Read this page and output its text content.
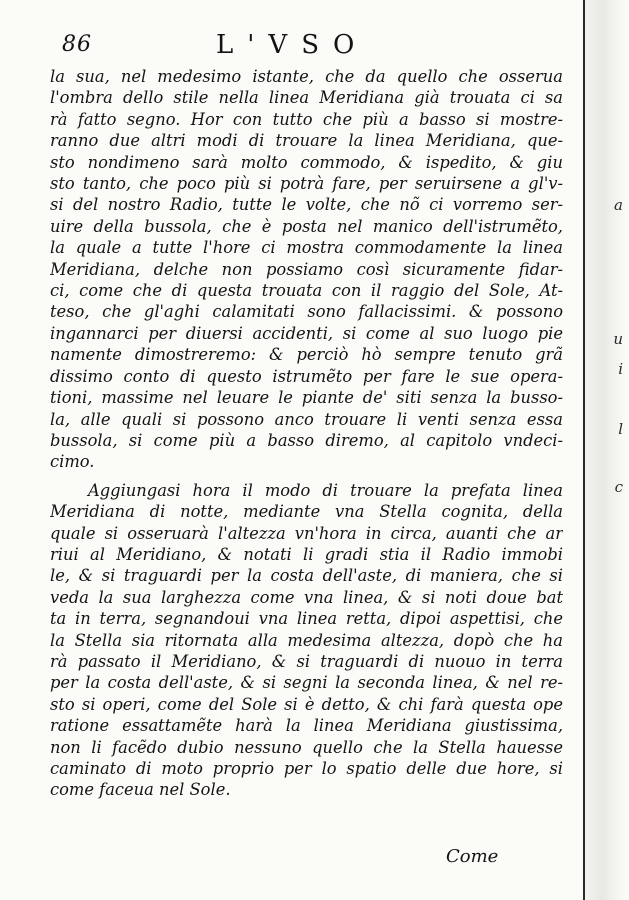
a
u
i
l
c
86	L'VSO
la sua, nel medesimo istante, che da quello che osserua
l'ombra dello stile nella linea Meridiana già trouata ci sa
rà fatto segno. Hor con tutto che più a basso si mostre-
ranno due altri modi di trouare la linea Meridiana, que-
sto nondimeno sarà molto commodo, & ispedito, & giu
sto tanto, che poco più si potrà fare, per seruirsene a gl'v-
si del nostro Radio, tutte le volte, che nõ ci vorremo ser-
uire della bussola, che è posta nel manico dell'istrumẽto,
la quale a tutte l'hore ci mostra commodamente la linea
Meridiana, delche non possiamo così sicuramente fidar-
ci, come che di questa trouata con il raggio del Sole, At-
teso, che gl'aghi calamitati sono fallacissimi. & possono
ingannarci per diuersi accidenti, si come al suo luogo pie
namente dimostreremo: & perciò hò sempre tenuto grã
dissimo conto di questo istrumẽto per fare le sue opera-
tioni, massime nel leuare le piante de' siti senza la busso-
la, alle quali si possono anco trouare li venti senza essa
bussola, si come più a basso diremo, al capitolo vndeci-
cimo.
Aggiungasi hora il modo di trouare la prefata linea
Meridiana di notte, mediante vna Stella cognita, della
quale si osseruarà l'altezza vn'hora in circa, auanti che ar
riui al Meridiano, & notati li gradi stia il Radio immobi
le, & si traguardi per la costa dell'aste, di maniera, che si
veda la sua larghezza come vna linea, & si noti doue bat
ta in terra, segnandoui vna linea retta, dipoi aspettisi, che
la Stella sia ritornata alla medesima altezza, dopò che ha
rà passato il Meridiano, & si traguardi di nuouo in terra
per la costa dell'aste, & si segni la seconda linea, & nel re-
sto si operi, come del Sole si è detto, & chi farà questa ope
ratione essattamẽte harà la linea Meridiana giustissima,
non li facẽdo dubio nessuno quello che la Stella hauesse
caminato di moto proprio per lo spatio delle due hore, si
come faceua nel Sole.
Come
